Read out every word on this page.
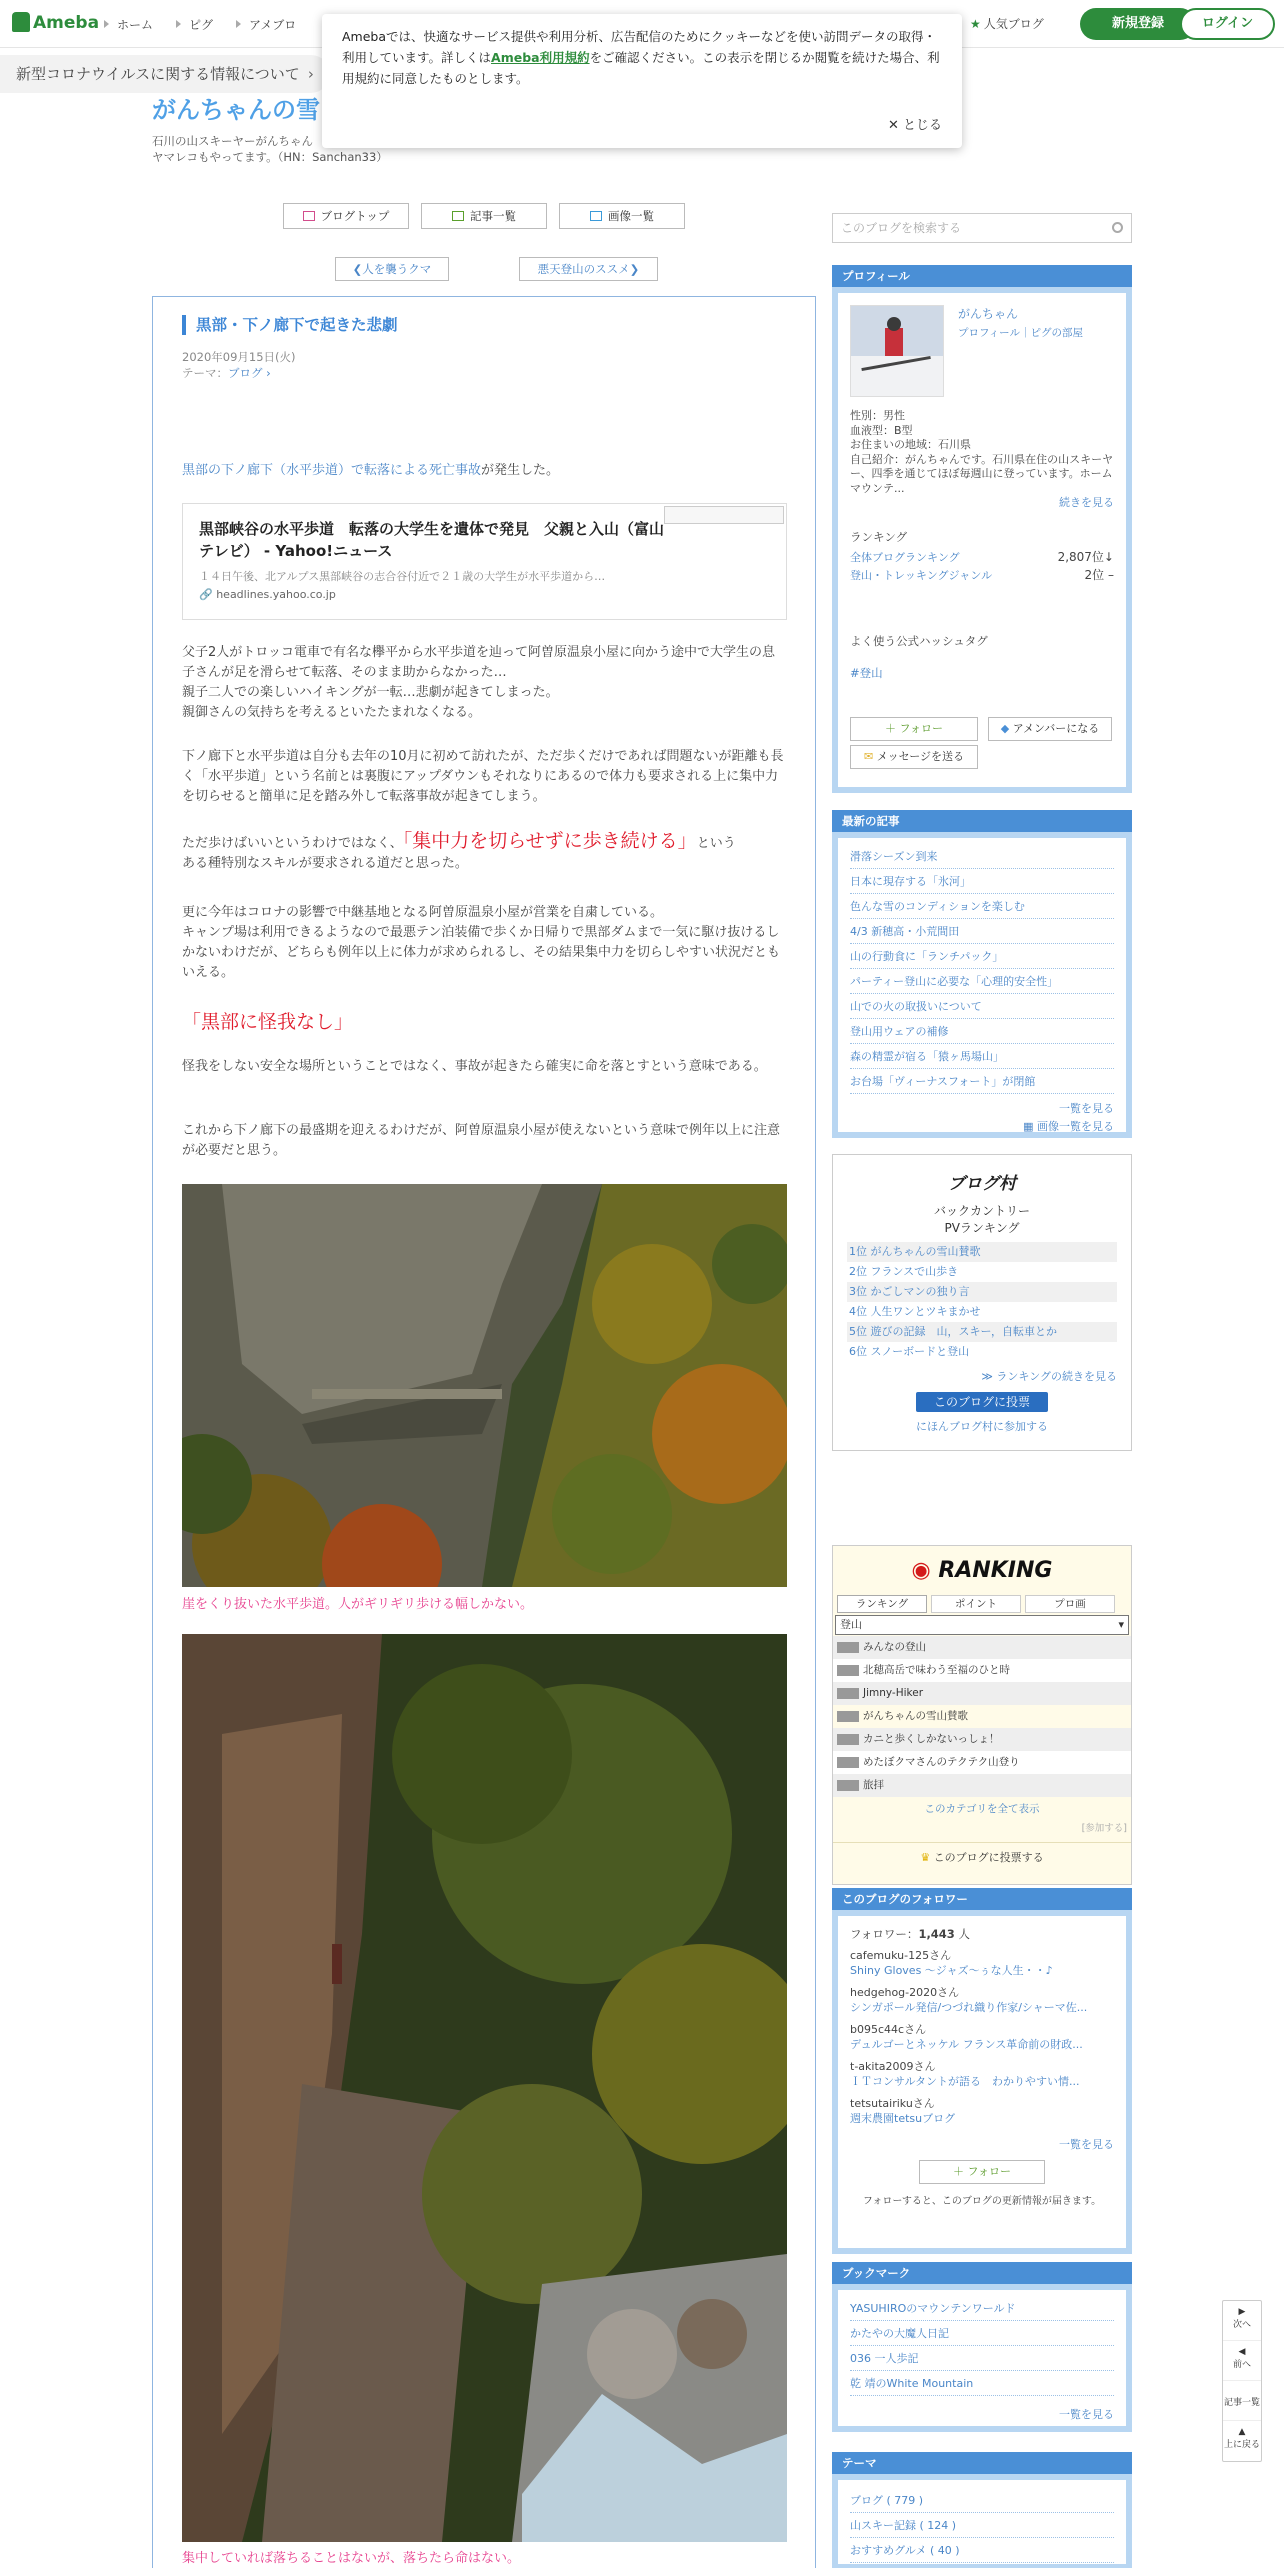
Ameba	ホーム	ピグ	アメブロ	★ 人気ブログ	新規登録	ログイン
新型コロナウイルスに関する情報について ›
Amebaでは、快適なサービス提供や利用分析、広告配信のためにクッキーなどを使い訪問データの取得・利用しています。詳しくはAmeba利用規約をご確認ください。この表示を閉じるか閲覧を続けた場合、利用規約に同意したものとします。
✕ とじる
がんちゃんの雪
石川の山スキーヤーがんちゃん
ヤマレコもやってます。（HN：Sanchan33）
ブログトップ	記事一覧	画像一覧
❮人を襲うクマ	悪天登山のススメ❯
黒部・下ノ廊下で起きた悲劇
2020年09月15日(火)
テーマ：ブログ ›
黒部の下ノ廊下（水平歩道）で転落による死亡事故が発生した。
黒部峡谷の水平歩道　転落の大学生を遺体で発見　父親と入山（富山テレビ） - Yahoo!ニュース
１４日午後、北アルプス黒部峡谷の志合谷付近で２１歳の大学生が水平歩道から…
🔗 headlines.yahoo.co.jp
父子2人がトロッコ電車で有名な欅平から水平歩道を辿って阿曽原温泉小屋に向かう途中で大学生の息子さんが足を滑らせて転落、そのまま助からなかった…
親子二人での楽しいハイキングが一転…悲劇が起きてしまった。
親御さんの気持ちを考えるといたたまれなくなる。
下ノ廊下と水平歩道は自分も去年の10月に初めて訪れたが、ただ歩くだけであれば問題ないが距離も長く「水平歩道」という名前とは裏腹にアップダウンもそれなりにあるので体力も要求される上に集中力を切らせると簡単に足を踏み外して転落事故が起きてしまう。
ただ歩けばいいというわけではなく、「集中力を切らせずに歩き続ける」という
ある種特別なスキルが要求される道だと思った。
更に今年はコロナの影響で中継基地となる阿曽原温泉小屋が営業を自粛している。
キャンプ場は利用できるようなので最悪テン泊装備で歩くか日帰りで黒部ダムまで一気に駆け抜けるしかないわけだが、どちらも例年以上に体力が求められるし、その結果集中力を切らしやすい状況だともいえる。
「黒部に怪我なし」
怪我をしない安全な場所ということではなく、事故が起きたら確実に命を落とすという意味である。
これから下ノ廊下の最盛期を迎えるわけだが、阿曽原温泉小屋が使えないという意味で例年以上に注意が必要だと思う。
崖をくり抜いた水平歩道。人がギリギリ歩ける幅しかない。
集中していれば落ちることはないが、落ちたら命はない。
このブログを検索する
プロフィール
がんちゃん
プロフィール｜ピグの部屋
性別：男性
血液型：B型
お住まいの地域：石川県
自己紹介：がんちゃんです。石川県在住の山スキーヤー、四季を通じてほぼ毎週山に登っています。ホームマウンテ...
続きを見る
ランキング
全体ブログランキング	2,807位↓
登山・トレッキングジャンル	2位 –
よく使う公式ハッシュタグ
#登山
＋ フォロー	◆ アメンバーになる
✉ メッセージを送る
最新の記事
滑落シーズン到来
日本に現存する「氷河」
色んな雪のコンディションを楽しむ
4/3 新穂高・小荒間田
山の行動食に「ランチパック」
パーティー登山に必要な「心理的安全性」
山での火の取扱いについて
登山用ウェアの補修
森の精霊が宿る「猿ヶ馬場山」
お台場「ヴィーナスフォート」が閉館
一覧を見る
▦ 画像一覧を見る
ブログ村
バックカントリー
PVランキング
1位 がんちゃんの雪山賛歌
2位 フランスで山歩き
3位 かごしマンの独り言
4位 人生ワンとツキまかせ
5位 遊びの記録　山，スキー，自転車とか
6位 スノーボードと登山
≫ ランキングの続きを見る
このブログに投票
にほんブログ村に参加する
◉ RANKING
ランキング	ポイント	プロ画
登山	▾
みんなの登山
北穂高岳で味わう至福のひと時
Jimny-Hiker
がんちゃんの雪山賛歌
カニと歩くしかないっしょ！
めたぼクマさんのテクテク山登り
旅拝
このカテゴリを全て表示
[参加する]
♛ このブログに投票する
このブログのフォロワー
フォロワー：1,443 人
cafemuku-125さん
Shiny Gloves ～ジャズ～ぅな人生・・♪
hedgehog-2020さん
シンガポール発信/つづれ織り作家/シャーマ佐...
b095c44cさん
デュルゴーとネッケル フランス革命前の財政...
t-akita2009さん
ＩＴコンサルタントが語る　わかりやすい情...
tetsutairikuさん
週末農園tetsuブログ
一覧を見る
＋ フォロー
フォローすると、このブログの更新情報が届きます。
ブックマーク
YASUHIROのマウンテンワールド
かたやの大魔人日記
036 一人歩記
乾 靖のWhite Mountain
一覧を見る
テーマ
ブログ ( 779 )
山スキー記録 ( 124 )
おすすめグルメ ( 40 )
▶
次へ
◀
前へ
記事一覧
▲
上に戻る
